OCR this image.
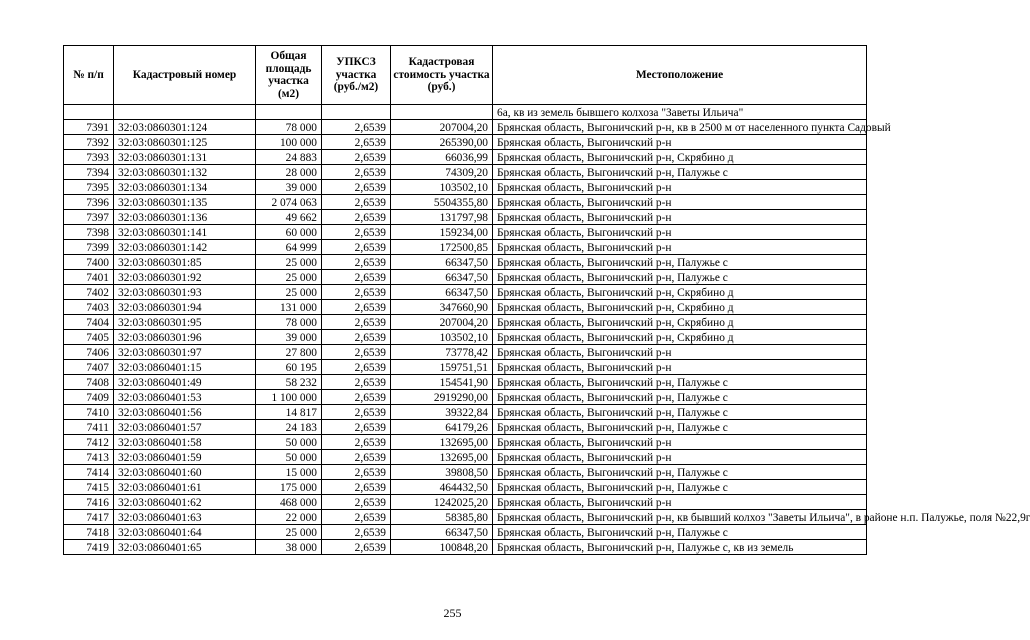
№ п/п	Кадастровый номер	Общая площадь участка (м2)	УПКСЗ участка (руб./м2)	Кадастровая стоимость участка (руб.)	Местоположение
					6а, кв из земель бывшего колхоза "Заветы Ильича"
7391	32:03:0860301:124	78 000	2,6539	207004,20	Брянская область, Выгоничский р-н, кв в 2500 м от населенного пункта Садовый
7392	32:03:0860301:125	100 000	2,6539	265390,00	Брянская область, Выгоничский р-н
7393	32:03:0860301:131	24 883	2,6539	66036,99	Брянская область, Выгоничский р-н, Скрябино д
7394	32:03:0860301:132	28 000	2,6539	74309,20	Брянская область, Выгоничский р-н, Палужье с
7395	32:03:0860301:134	39 000	2,6539	103502,10	Брянская область, Выгоничский р-н
7396	32:03:0860301:135	2 074 063	2,6539	5504355,80	Брянская область, Выгоничский р-н
7397	32:03:0860301:136	49 662	2,6539	131797,98	Брянская область, Выгоничский р-н
7398	32:03:0860301:141	60 000	2,6539	159234,00	Брянская область, Выгоничский р-н
7399	32:03:0860301:142	64 999	2,6539	172500,85	Брянская область, Выгоничский р-н
7400	32:03:0860301:85	25 000	2,6539	66347,50	Брянская область, Выгоничский р-н, Палужье с
7401	32:03:0860301:92	25 000	2,6539	66347,50	Брянская область, Выгоничский р-н, Палужье с
7402	32:03:0860301:93	25 000	2,6539	66347,50	Брянская область, Выгоничский р-н, Скрябино д
7403	32:03:0860301:94	131 000	2,6539	347660,90	Брянская область, Выгоничский р-н, Скрябино д
7404	32:03:0860301:95	78 000	2,6539	207004,20	Брянская область, Выгоничский р-н, Скрябино д
7405	32:03:0860301:96	39 000	2,6539	103502,10	Брянская область, Выгоничский р-н, Скрябино д
7406	32:03:0860301:97	27 800	2,6539	73778,42	Брянская область, Выгоничский р-н
7407	32:03:0860401:15	60 195	2,6539	159751,51	Брянская область, Выгоничский р-н
7408	32:03:0860401:49	58 232	2,6539	154541,90	Брянская область, Выгоничский р-н, Палужье с
7409	32:03:0860401:53	1 100 000	2,6539	2919290,00	Брянская область, Выгоничский р-н, Палужье с
7410	32:03:0860401:56	14 817	2,6539	39322,84	Брянская область, Выгоничский р-н, Палужье с
7411	32:03:0860401:57	24 183	2,6539	64179,26	Брянская область, Выгоничский р-н, Палужье с
7412	32:03:0860401:58	50 000	2,6539	132695,00	Брянская область, Выгоничский р-н
7413	32:03:0860401:59	50 000	2,6539	132695,00	Брянская область, Выгоничский р-н
7414	32:03:0860401:60	15 000	2,6539	39808,50	Брянская область, Выгоничский р-н, Палужье с
7415	32:03:0860401:61	175 000	2,6539	464432,50	Брянская область, Выгоничский р-н, Палужье с
7416	32:03:0860401:62	468 000	2,6539	1242025,20	Брянская область, Выгоничский р-н
7417	32:03:0860401:63	22 000	2,6539	58385,80	Брянская область, Выгоничский р-н, кв бывший колхоз "Заветы Ильича", в районе н.п. Палужье, поля №22,9г
7418	32:03:0860401:64	25 000	2,6539	66347,50	Брянская область, Выгоничский р-н, Палужье с
7419	32:03:0860401:65	38 000	2,6539	100848,20	Брянская область, Выгоничский р-н, Палужье с, кв из земель
255
